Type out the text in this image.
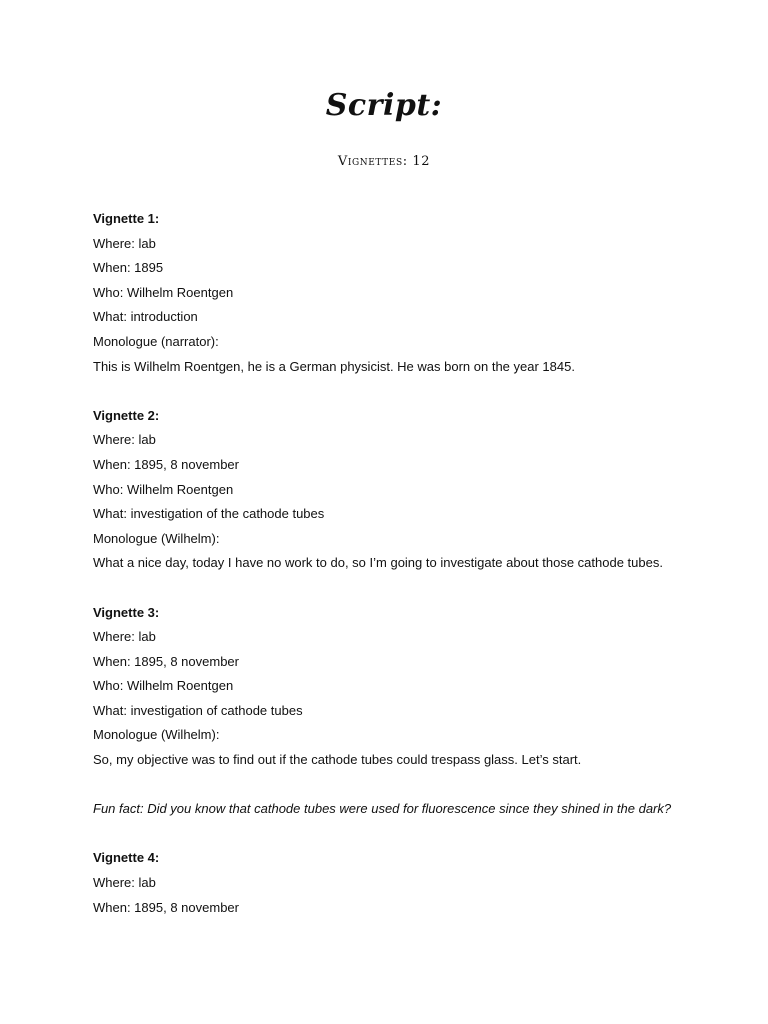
Script:
Vignettes: 12
Vignette 1:
Where: lab
When: 1895
Who: Wilhelm Roentgen
What: introduction
Monologue (narrator):
This is Wilhelm Roentgen, he is a German physicist. He was born on the year 1845.
Vignette 2:
Where: lab
When: 1895, 8 november
Who: Wilhelm Roentgen
What: investigation of the cathode tubes
Monologue (Wilhelm):
What a nice day, today I have no work to do, so I’m going to investigate about those cathode tubes.
Vignette 3:
Where: lab
When: 1895, 8 november
Who: Wilhelm Roentgen
What: investigation of cathode tubes
Monologue (Wilhelm):
So, my objective was to find out if the cathode tubes could trespass glass. Let’s start.
Fun fact: Did you know that cathode tubes were used for fluorescence since they shined in the dark?
Vignette 4:
Where: lab
When: 1895, 8 november
